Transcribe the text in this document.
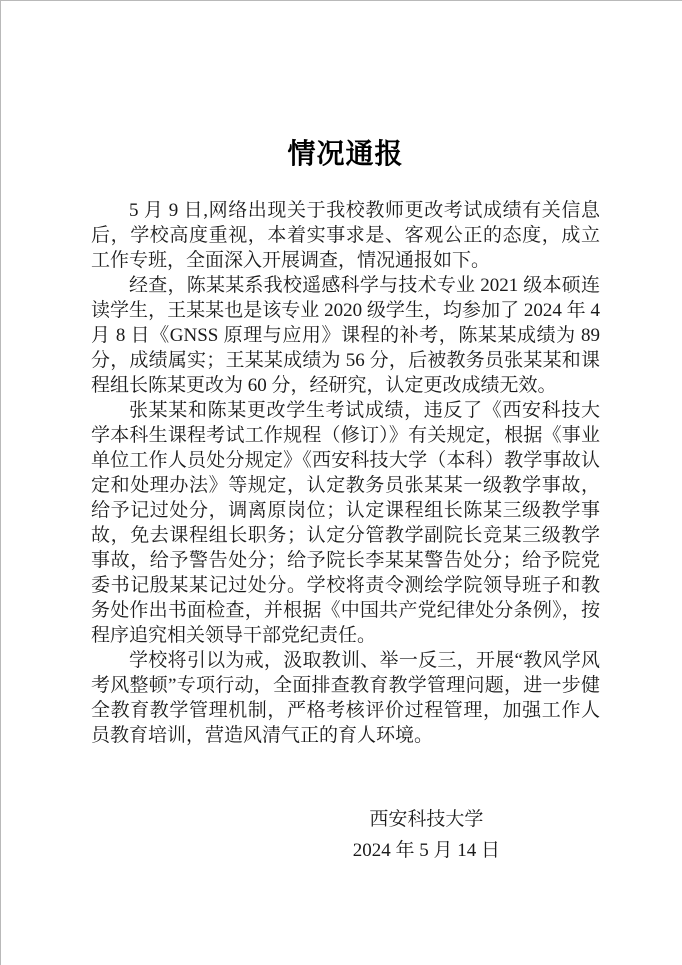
情况通报

5 月 9 日,网络出现关于我校教师更改考试成绩有关信息后，学校高度重视，本着实事求是、客观公正的态度，成立工作专班，全面深入开展调查，情况通报如下。

经查，陈某某系我校遥感科学与技术专业 2021 级本硕连读学生，王某某也是该专业 2020 级学生，均参加了 2024 年 4 月 8 日《GNSS 原理与应用》课程的补考，陈某某成绩为 89 分，成绩属实；王某某成绩为 56 分，后被教务员张某某和课程组长陈某更改为 60 分，经研究，认定更改成绩无效。

张某某和陈某更改学生考试成绩，违反了《西安科技大学本科生课程考试工作规程（修订）》有关规定，根据《事业单位工作人员处分规定》《西安科技大学（本科）教学事故认定和处理办法》等规定，认定教务员张某某一级教学事故，给予记过处分，调离原岗位；认定课程组长陈某三级教学事故，免去课程组长职务；认定分管教学副院长竞某三级教学事故，给予警告处分；给予院长李某某警告处分；给予院党委书记殷某某记过处分。学校将责令测绘学院领导班子和教务处作出书面检查，并根据《中国共产党纪律处分条例》，按程序追究相关领导干部党纪责任。

学校将引以为戒，汲取教训、举一反三，开展“教风学风考风整顿”专项行动，全面排查教育教学管理问题，进一步健全教育教学管理机制，严格考核评价过程管理，加强工作人员教育培训，营造风清气正的育人环境。

西安科技大学
2024 年 5 月 14 日
